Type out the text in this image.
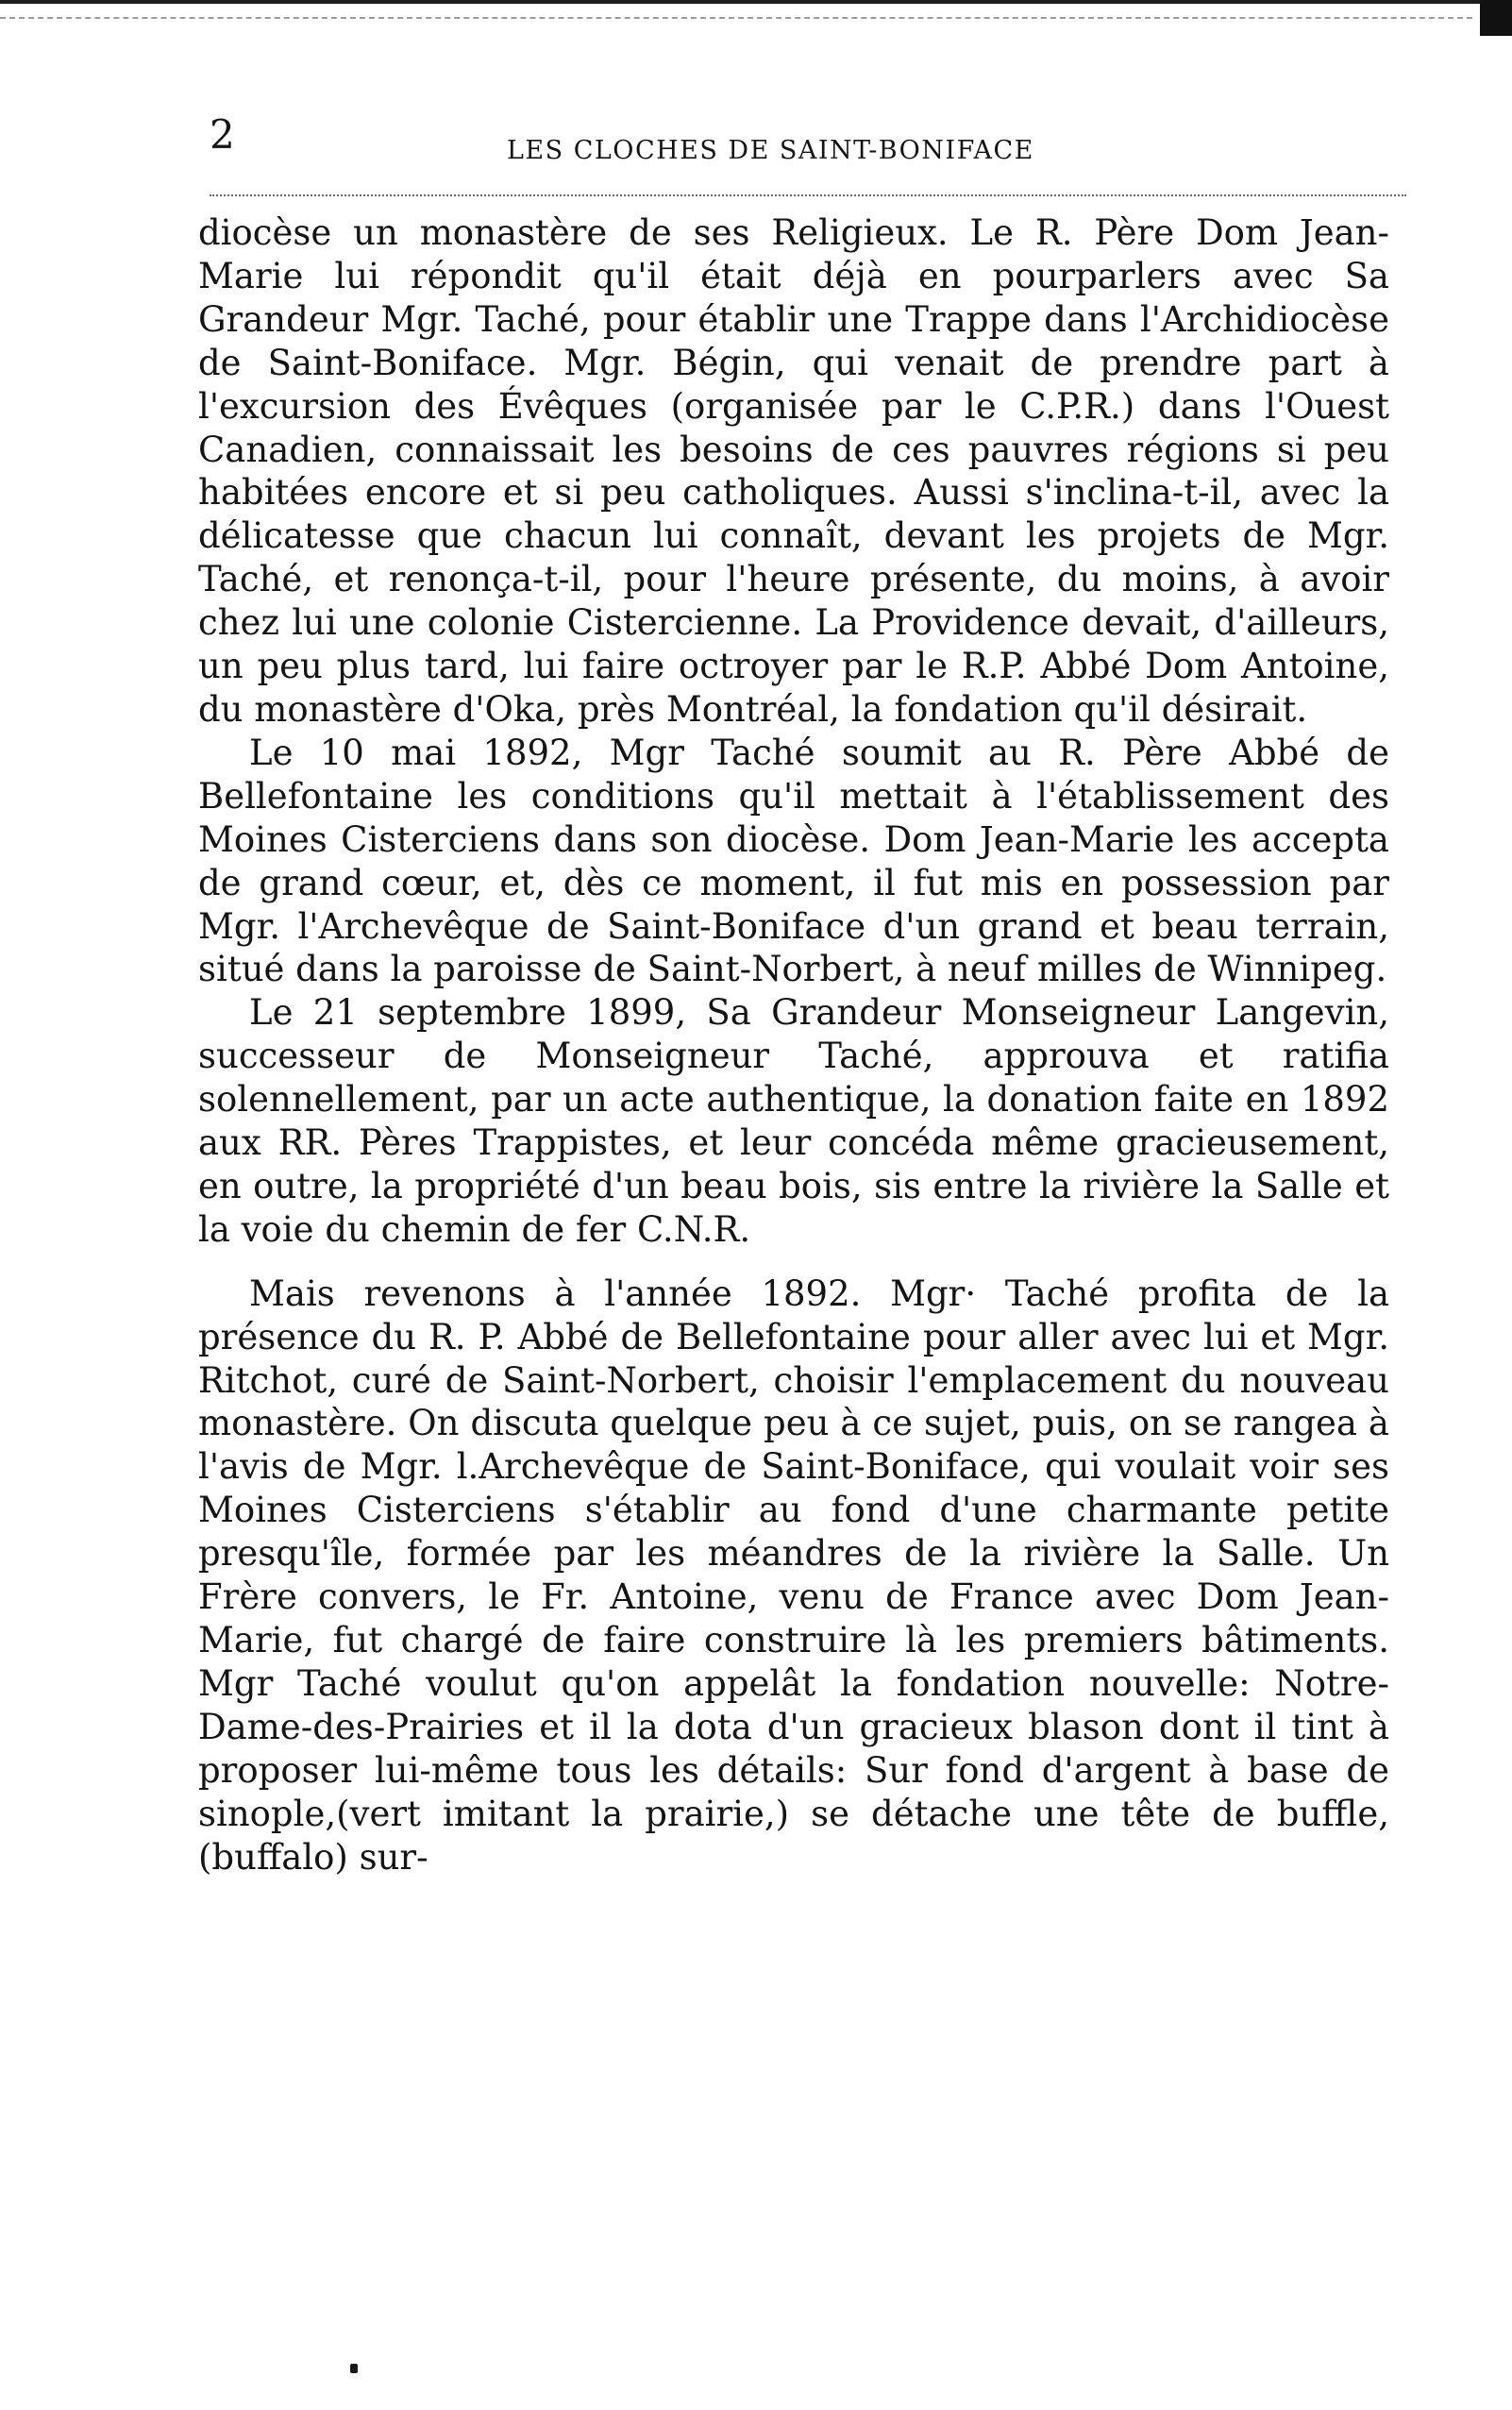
2	LES CLOCHES DE SAINT-BONIFACE

diocèse un monastère de ses Religieux. Le R. Père Dom Jean-Marie lui répondit qu'il était déjà en pourparlers avec Sa Grandeur Mgr. Taché, pour établir une Trappe dans l'Archidiocèse de Saint-Boniface. Mgr. Bégin, qui venait de prendre part à l'excursion des Évêques (organisée par le C.P.R.) dans l'Ouest Canadien, connaissait les besoins de ces pauvres régions si peu habitées encore et si peu catholiques. Aussi s'inclina-t-il, avec la délicatesse que chacun lui connaît, devant les projets de Mgr. Taché, et renonça-t-il, pour l'heure présente, du moins, à avoir chez lui une colonie Cistercienne. La Providence devait, d'ailleurs, un peu plus tard, lui faire octroyer par le R.P. Abbé Dom Antoine, du monastère d'Oka, près Montréal, la fondation qu'il désirait.

Le 10 mai 1892, Mgr Taché soumit au R. Père Abbé de Bellefontaine les conditions qu'il mettait à l'établissement des Moines Cisterciens dans son diocèse. Dom Jean-Marie les accepta de grand cœur, et, dès ce moment, il fut mis en possession par Mgr. l'Archevêque de Saint-Boniface d'un grand et beau terrain, situé dans la paroisse de Saint-Norbert, à neuf milles de Winnipeg.

Le 21 septembre 1899, Sa Grandeur Monseigneur Langevin, successeur de Monseigneur Taché, approuva et ratifia solennellement, par un acte authentique, la donation faite en 1892 aux RR. Pères Trappistes, et leur concéda même gracieusement, en outre, la propriété d'un beau bois, sis entre la rivière la Salle et la voie du chemin de fer C.N.R.

Mais revenons à l'année 1892. Mgr· Taché profita de la présence du R. P. Abbé de Bellefontaine pour aller avec lui et Mgr. Ritchot, curé de Saint-Norbert, choisir l'emplacement du nouveau monastère. On discuta quelque peu à ce sujet, puis, on se rangea à l'avis de Mgr. l.Archevêque de Saint-Boniface, qui voulait voir ses Moines Cisterciens s'établir au fond d'une charmante petite presqu'île, formée par les méandres de la rivière la Salle. Un Frère convers, le Fr. Antoine, venu de France avec Dom Jean-Marie, fut chargé de faire construire là les premiers bâtiments. Mgr Taché voulut qu'on appelât la fondation nouvelle: Notre-Dame-des-Prairies et il la dota d'un gracieux blason dont il tint à proposer lui-même tous les détails: Sur fond d'argent à base de sinople,(vert imitant la prairie,) se détache une tête de buffle, (buffalo) sur-
